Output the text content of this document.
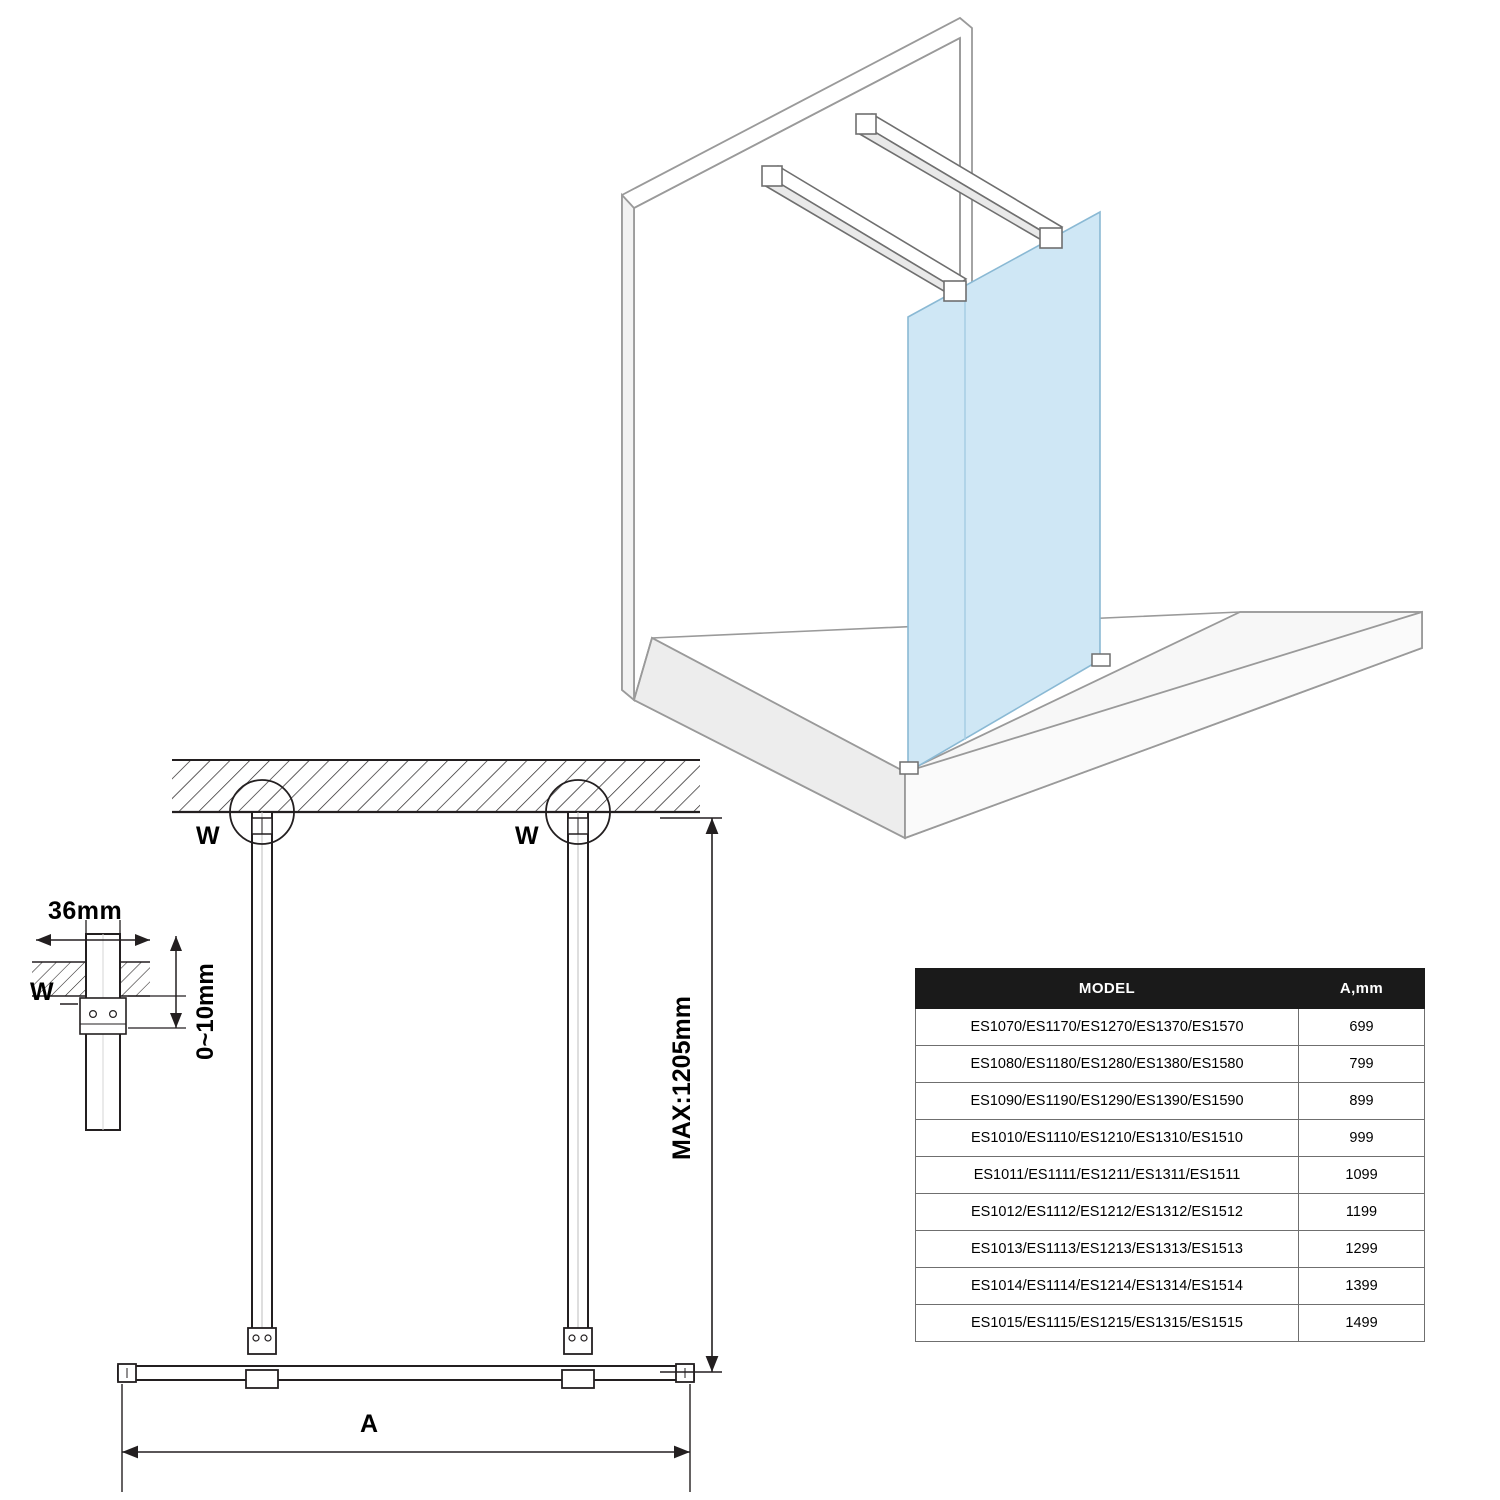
36mm
0~10mm	MAX:1205mm
A
W	W
W	MODEL	A,mm
ES1070/ES1170/ES1270/ES1370/ES1570	699
ES1080/ES1180/ES1280/ES1380/ES1580	799
ES1090/ES1190/ES1290/ES1390/ES1590	899
ES1010/ES1110/ES1210/ES1310/ES1510	999
ES1011/ES1111/ES1211/ES1311/ES1511	1099
ES1012/ES1112/ES1212/ES1312/ES1512	1199
ES1013/ES1113/ES1213/ES1313/ES1513	1299
ES1014/ES1114/ES1214/ES1314/ES1514	1399
ES1015/ES1115/ES1215/ES1315/ES1515	1499
